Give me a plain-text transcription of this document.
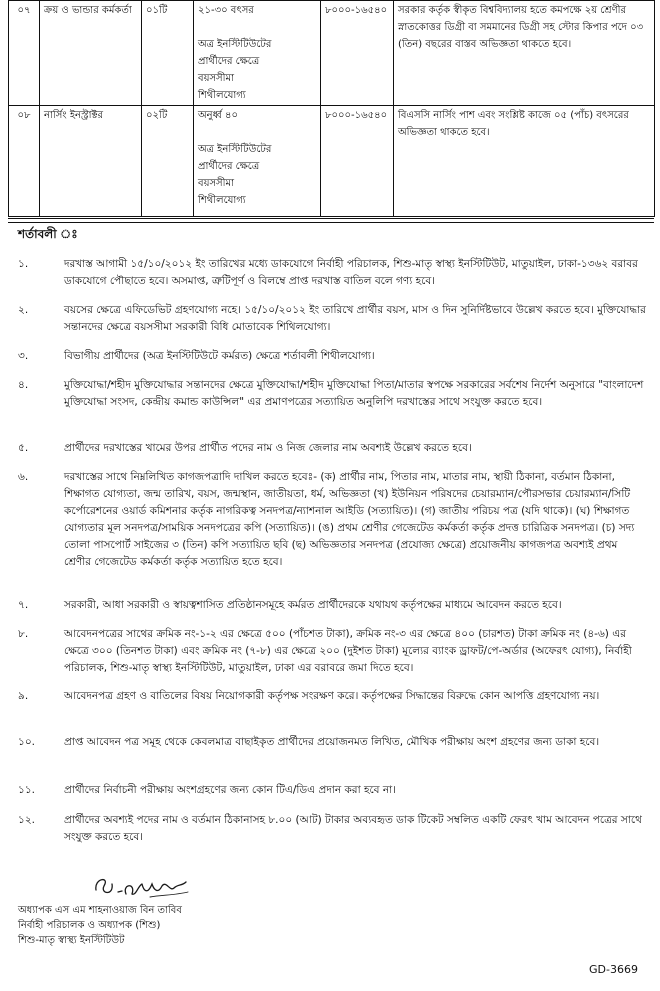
০৭	ক্রয় ও ভান্ডার কর্মকর্তা	০১টি	২১-৩০ বৎসর
অত্র ইনস্টিটিউটের
প্রার্থীদের ক্ষেত্রে
বয়সসীমা
শিথীলযোগ্য	৮০০০-১৬৫৪০	সরকার কর্তৃক স্বীকৃত বিশ্ববিদ্যালয় হতে কমপক্ষে ২য় শ্রেণীর স্নাতকোত্তর ডিগ্রী বা সমমানের ডিগ্রী সহ স্টোর কিপার পদে ০৩ (তিন) বছরের বাস্তব অভিজ্ঞতা থাকতে হবে।
০৮	নার্সিং ইনস্ট্রাক্টর	০২টি	অনুর্ধ্ব ৪০
অত্র ইনস্টিটিউটের
প্রার্থীদের ক্ষেত্রে
বয়সসীমা
শিথীলযোগ্য	৮০০০-১৬৫৪০	বিএসসি নার্সিং পাশ এবং সংশ্লিষ্ট কাজে ০৫ (পাঁচ) বৎসরের অভিজ্ঞতা থাকতে হবে।
শর্তাবলী ঃ
১.	দরখাস্ত আগামী ১৫/১০/২০১২ ইং তারিখের মধ্যে ডাকযোগে নির্বাহী পরিচালক, শিশু-মাতৃ স্বাস্থ্য ইনস্টিটিউট, মাতুয়াইল, ঢাকা-১৩৬২ বরাবর ডাকযোগে পৌছাতে হবে। অসমাপ্ত, ত্রুটিপূর্ণ ও বিলম্বে প্রাপ্ত দরখাস্ত বাতিল বলে গণ্য হবে।
২.	বয়সের ক্ষেত্রে এফিডেভিট গ্রহণযোগ্য নহে। ১৫/১০/২০১২ ইং তারিখে প্রার্থীর বয়স, মাস ও দিন সুনির্দিষ্টভাবে উল্লেখ করতে হবে। মুক্তিযোদ্ধার সন্তানদের ক্ষেত্রে বয়সসীমা সরকারী বিধি মোতাবেক শিথিলযোগ্য।
৩.	বিভাগীয় প্রার্থীদের (অত্র ইনস্টিটিউটে কর্মরত) ক্ষেত্রে শর্তাবলী শিথীলযোগ্য।
৪.	মুক্তিযোদ্ধা/শহীদ মুক্তিযোদ্ধার সন্তানদের ক্ষেত্রে মুক্তিযোদ্ধা/শহীদ মুক্তিযোদ্ধা পিতা/মাতার স্বপক্ষে সরকারের সর্বশেষ নির্দেশ অনুসারে "বাংলাদেশ মুক্তিযোদ্ধা সংসদ, কেন্দ্রীয় কমান্ড কাউন্সিল" এর প্রমাণপত্রের সত্যায়িত অনুলিপি দরখাস্তের সাথে সংযুক্ত করতে হবে।
৫.	প্রার্থীদের দরখাস্তের খামের উপর প্রার্থীত পদের নাম ও নিজ জেলার নাম অবশ্যই উল্লেখ করতে হবে।
৬.	দরখাস্তের সাথে নিম্নলিখিত কাগজপত্রাদি দাখিল করতে হবেঃ- (ক) প্রার্থীর নাম, পিতার নাম, মাতার নাম, স্থায়ী ঠিকানা, বর্তমান ঠিকানা, শিক্ষাগত যোগ্যতা, জন্ম তারিখ, বয়স, জন্মস্থান, জাতীয়তা, ধর্ম, অভিজ্ঞতা (খ) ইউনিয়ন পরিষদের চেয়ারম্যান/পৌরসভার চেয়ারম্যান/সিটি কর্পোরেশনের ওয়ার্ড কমিশনার কর্তৃক নাগরিকত্ব সনদপত্র/ন্যাশনাল আইডি (সত্যায়িত)। (গ) জাতীয় পরিচয় পত্র (যদি থাকে)। (ঘ) শিক্ষাগত যোগ্যতার মূল সনদপত্র/সাময়িক সনদপত্রের কপি (সত্যায়িত)। (ঙ) প্রথম শ্রেণীর গেজেটেড কর্মকর্তা কর্তৃক প্রদত্ত চারিত্রিক সনদপত্র। (চ) সদ্য তোলা পাসপোর্ট সাইজের ৩ (তিন) কপি সত্যায়িত ছবি (ছ) অভিজ্ঞতার সনদপত্র (প্রযোজ্য ক্ষেত্রে) প্রয়োজনীয় কাগজপত্র অবশ্যই প্রথম শ্রেণীর গেজেটেড কর্মকর্তা কর্তৃক সত্যায়িত হতে হবে।
৭.	সরকারী, আধা সরকারী ও স্বায়ত্বশাসিত প্রতিষ্ঠানসমূহে কর্মরত প্রার্থীদেরকে যথাযথ কর্তৃপক্ষের মাধ্যমে আবেদন করতে হবে।
৮.	আবেদনপত্রের সাথের ক্রমিক নং-১-২ এর ক্ষেত্রে ৫০০ (পাঁচশত টাকা), ক্রমিক নং-৩ এর ক্ষেত্রে ৪০০ (চারশত) টাকা ক্রমিক নং (৪-৬) এর ক্ষেত্রে ৩০০ (তিনশত টাকা) এবং ক্রমিক নং (৭-৮) এর ক্ষেত্রে ২০০ (দুইশত টাকা) মূল্যের ব্যাংক ড্রাফট/পে-অর্ডার (অফেরৎ যোগ্য), নির্বাহী পরিচালক, শিশু-মাতৃ স্বাস্থ্য ইনস্টিটিউট, মাতুয়াইল, ঢাকা এর বরাবরে জমা দিতে হবে।
৯.	আবেদনপত্র গ্রহণ ও বাতিলের বিষয় নিয়োগকারী কর্তৃপক্ষ সংরক্ষণ করে। কর্তৃপক্ষের সিদ্ধান্তের বিরুদ্ধে কোন আপত্তি গ্রহণযোগ্য নয়।
১০.	প্রাপ্ত আবেদন পত্র সমূহ থেকে কেবলমাত্র বাছাইকৃত প্রার্থীদের প্রয়োজনমত লিখিত, মৌখিক পরীক্ষায় অংশ গ্রহণের জন্য ডাকা হবে।
১১.	প্রার্থীদের নির্বাচনী পরীক্ষায় অংশগ্রহণের জন্য কোন টিএ/ডিএ প্রদান করা হবে না।
১২.	প্রার্থীদের অবশ্যই পদের নাম ও বর্তমান ঠিকানাসহ ৮.০০ (আট) টাকার অব্যবহৃত ডাক টিকেট সম্বলিত একটি ফেরৎ খাম আবেদন পত্রের সাথে সংযুক্ত করতে হবে।
অধ্যাপক এস এম শাহনাওয়াজ বিন তাবিব
নির্বাহী পরিচালক ও অধ্যাপক (শিশু)
শিশু-মাতৃ স্বাস্থ্য ইনস্টিটিউট
GD-3669
